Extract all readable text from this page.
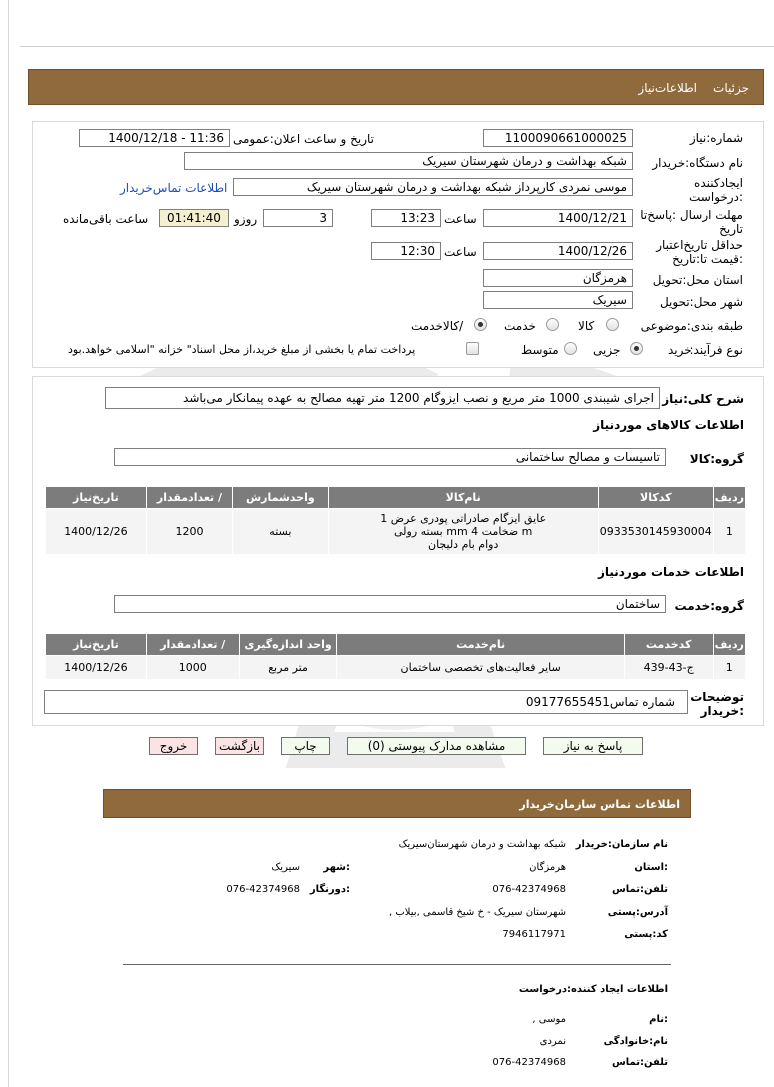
جزئیات
اطلاعات‌نیاز
شماره:نیاز
1100090661000025
تاریخ و ساعت اعلان:عمومی
1400/12/18 - 11:36
نام دستگاه:خریدار
شبکه بهداشت و درمان شهرستان سیریک
ایجادکننده
:درخواست
موسی نمردی کارپرداز شبکه بهداشت و درمان شهرستان سیریک
اطلاعات تماس‌خریدار
مهلت ارسال :پاسخ‌تا
تاریخ
1400/12/21
ساعت
13:23
3
روزو
01:41:40
ساعت باقی‌مانده
حداقل تاریخ‌اعتبار
:قیمت تا:تاریخ
1400/12/26
ساعت
12:30
استان محل:تحویل
هرمزگان
شهر محل:تحویل
سیریک
طبقه بندی:موضوعی
کالا
خدمت
/کالاخدمت
نوع فرآیند:
خرید
جزیی
متوسط
پرداخت تمام یا بخشی از مبلغ خرید،از محل اسناد" خزانه "اسلامی خواهد.بود
شرح کلی:نیاز
اجرای شیبندی 1000 متر مربع و نصب ایزوگام 1200 متر تهیه مصالح به عهده پیمانکار می‌باشد
اطلاعات کالاهای موردنیاز
گروه:کالا
تاسیسات و مصالح ساختمانی
ردیف	کدکالا	نام‌کالا	واحدشمارش	/ تعدادمقدار	تاریخ‌نیاز
1	0933530145930004	عایق ایزگام صادراتی پودری عرض 1
m ضخامت 4 mm بسته رولی
دوام بام دلیجان	بسته	1200	1400/12/26
اطلاعات خدمات موردنیاز
گروه:خدمت
ساختمان
ردیف	کدخدمت	نام‌خدمت	واحد اندازه‌گیری	/ تعدادمقدار	تاریخ‌نیاز
1	ج-43-439	سایر فعالیت‌های تخصصی ساختمان	متر مربع	1000	1400/12/26
توضیحات
:خریدار
شماره تماس09177655451
پاسخ به نیاز
مشاهده مدارک پیوستی (0)
چاپ
بازگشت
خروج
اطلاعات تماس سازمان‌خریدار
نام سازمان:خریدار
شبکه بهداشت و درمان شهرستان‌سیریک
:استان
هرمزگان
:شهر
سیریک
تلفن:تماس
076-42374968
:دورنگار
076-42374968
آدرس:پستی
شهرستان سیریک - خ شیخ قاسمی ,بیلاب ,
کد:پستی
7946117971
اطلاعات ایجاد کننده:درخواست
:نام
موسی ,
نام:خانوادگی
نمردی
تلفن:تماس
076-42374968
